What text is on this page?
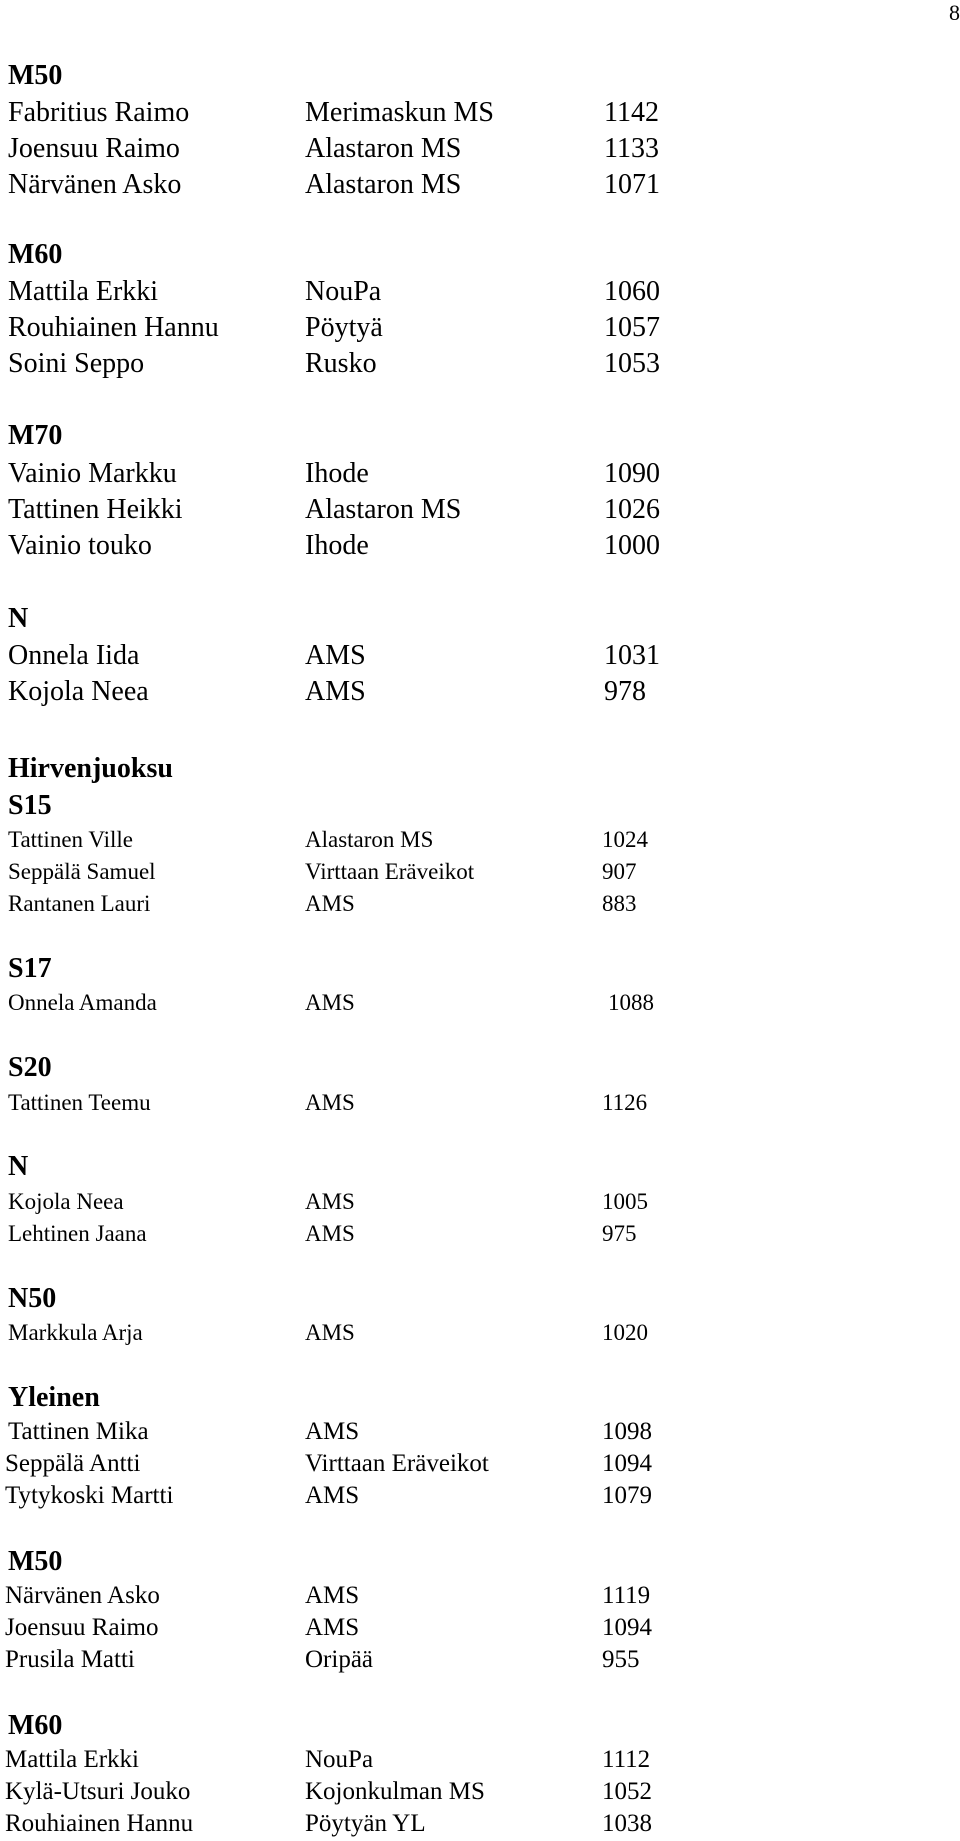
8
M50
Fabritius Raimo	Merimaskun MS	1142
Joensuu Raimo	Alastaron MS	1133
Närvänen Asko	Alastaron MS	1071
M60
Mattila Erkki	NouPa	1060
Rouhiainen Hannu	Pöytyä	1057
Soini Seppo	Rusko	1053
M70
Vainio Markku	Ihode	1090
Tattinen Heikki	Alastaron MS	1026
Vainio touko	Ihode	1000
N
Onnela Iida	AMS	1031
Kojola Neea	AMS	978
Hirvenjuoksu
S15
Tattinen Ville	Alastaron MS	1024
Seppälä Samuel	Virttaan Eräveikot	907
Rantanen Lauri	AMS	883
S17
Onnela Amanda	AMS	1088
S20
Tattinen Teemu	AMS	1126
N
Kojola Neea	AMS	1005
Lehtinen Jaana	AMS	975
N50
Markkula Arja	AMS	1020
Yleinen
Tattinen Mika	AMS	1098
Seppälä Antti	Virttaan Eräveikot	1094
Tytykoski Martti	AMS	1079
M50
Närvänen Asko	AMS	1119
Joensuu Raimo	AMS	1094
Prusila Matti	Oripää	955
M60
Mattila Erkki	NouPa	1112
Kylä-Utsuri Jouko	Kojonkulman MS	1052
Rouhiainen Hannu	Pöytyän YL	1038
